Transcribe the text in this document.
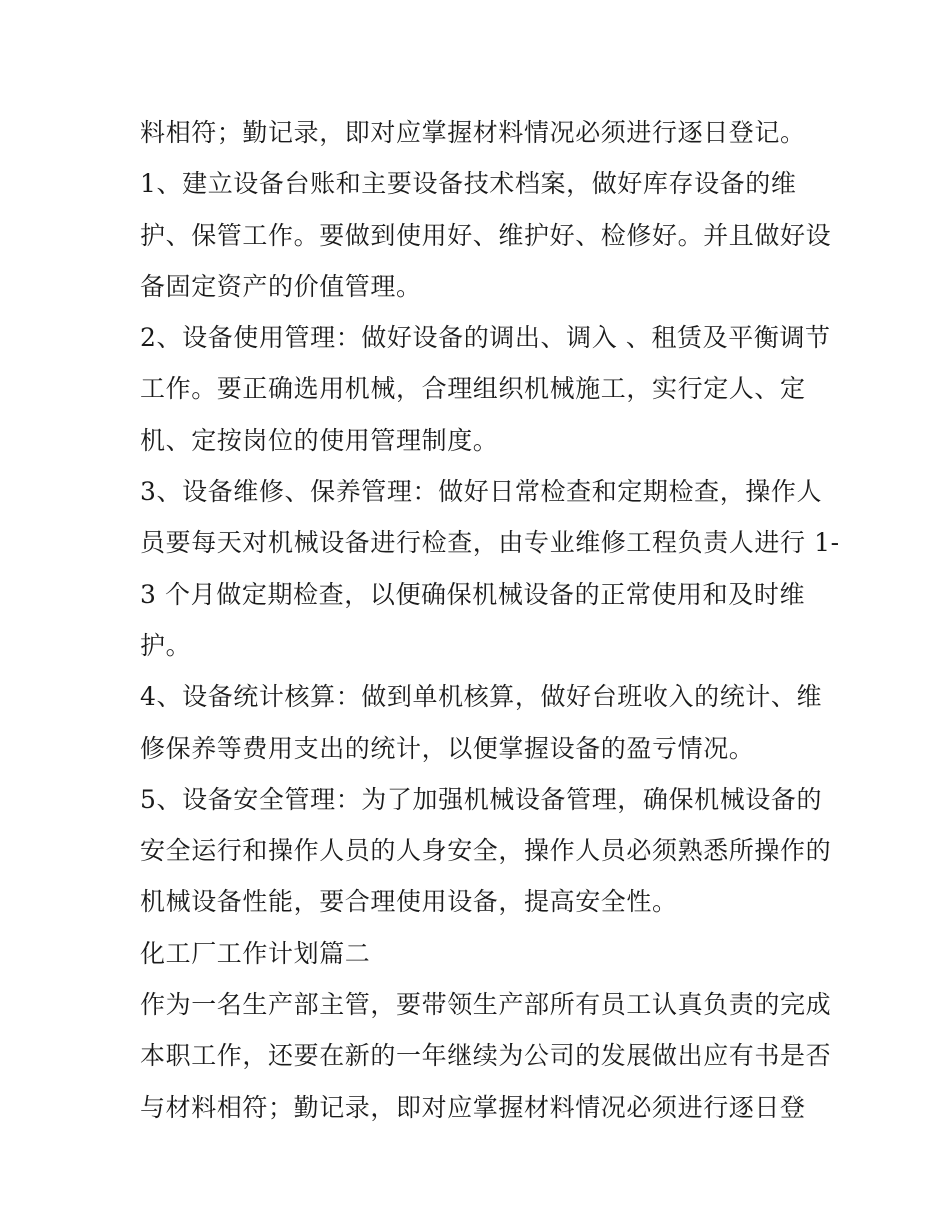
料相符；勤记录，即对应掌握材料情况必须进行逐日登记。
1、建立设备台账和主要设备技术档案，做好库存设备的维
护、保管工作。要做到使用好、维护好、检修好。并且做好设
备固定资产的价值管理。
2、设备使用管理：做好设备的调出、调入 、租赁及平衡调节
工作。要正确选用机械，合理组织机械施工，实行定人、定
机、定按岗位的使用管理制度。
3、设备维修、保养管理：做好日常检查和定期检查，操作人
员要每天对机械设备进行检查，由专业维修工程负责人进行 1-
3 个月做定期检查，以便确保机械设备的正常使用和及时维
护。
4、设备统计核算：做到单机核算，做好台班收入的统计、维
修保养等费用支出的统计，以便掌握设备的盈亏情况。
5、设备安全管理：为了加强机械设备管理，确保机械设备的
安全运行和操作人员的人身安全，操作人员必须熟悉所操作的
机械设备性能，要合理使用设备，提高安全性。
化工厂工作计划篇二
作为一名生产部主管，要带领生产部所有员工认真负责的完成
本职工作，还要在新的一年继续为公司的发展做出应有书是否
与材料相符；勤记录，即对应掌握材料情况必须进行逐日登
